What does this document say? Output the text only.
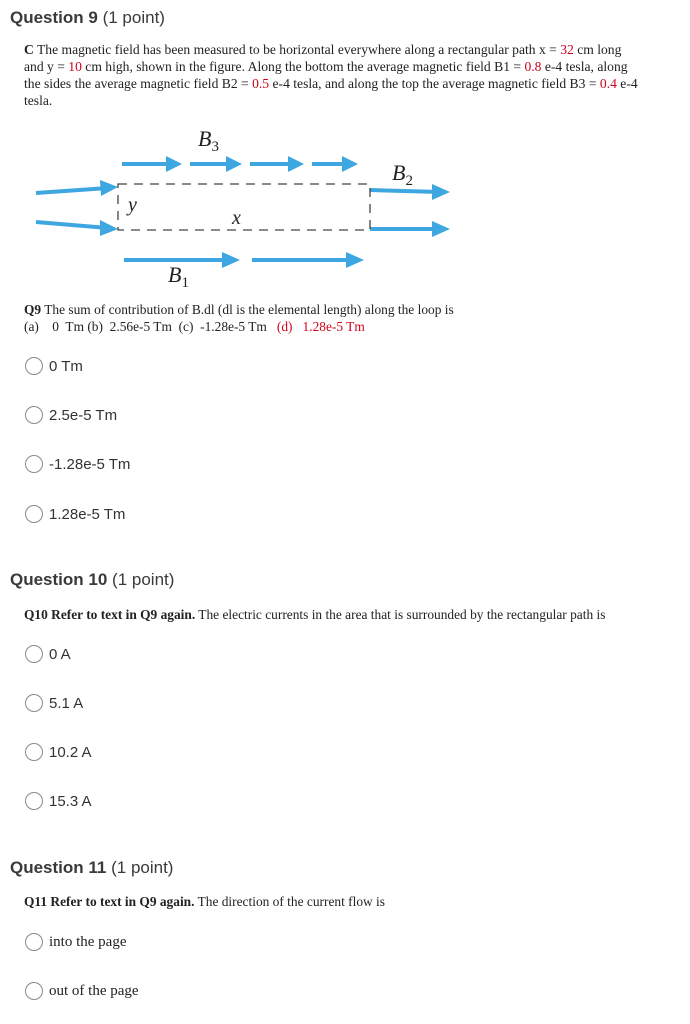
Question 9 (1 point)
C The magnetic field has been measured to be horizontal everywhere along a rectangular path x = 32 cm long and y = 10 cm high, shown in the figure. Along the bottom the average magnetic field B1 = 0.8 e-4 tesla, along the sides the average magnetic field B2 = 0.5 e-4 tesla, and along the top the average magnetic field B3 = 0.4 e-4 tesla.
$B_3$
$B_2$
$B_1$
y
x
Q9 The sum of contribution of B.dl (dl is the elemental length) along the loop is
(a)    0  Tm (b)  2.56e-5 Tm  (c)  -1.28e-5 Tm (d)   1.28e-5 Tm
0 Tm
2.5e-5 Tm
-1.28e-5 Tm
1.28e-5 Tm
Question 10 (1 point)
Q10 Refer to text in Q9 again. The electric currents in the area that is surrounded by the rectangular path is
0 A
5.1 A
10.2 A
15.3 A
Question 11 (1 point)
Q11 Refer to text in Q9 again. The direction of the current flow is
into the page
out of the page
